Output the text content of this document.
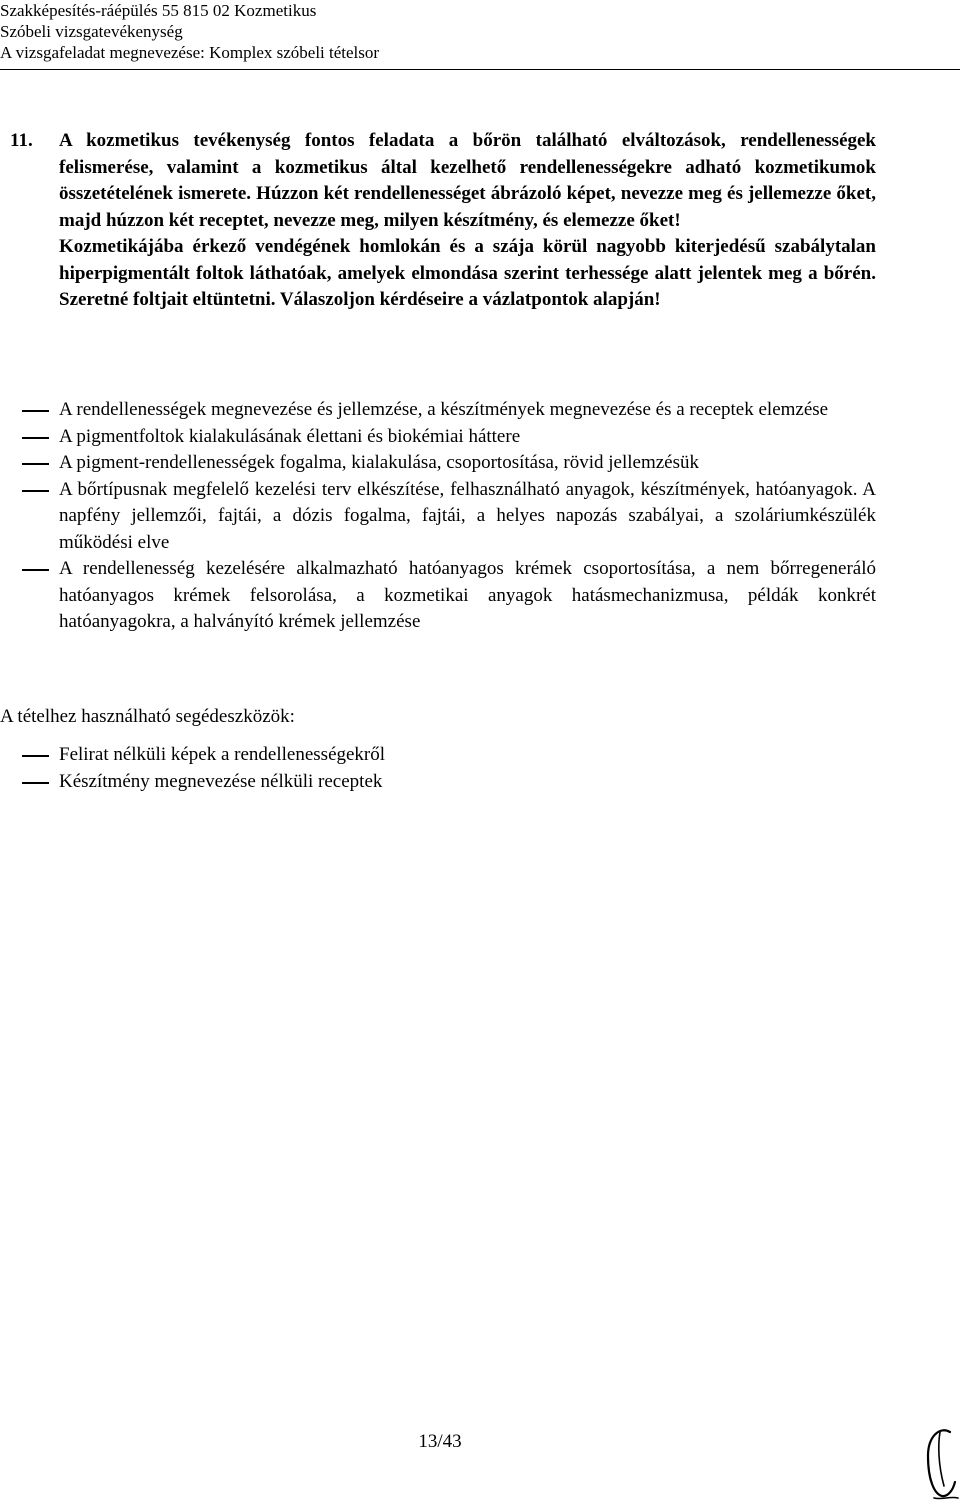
Szakképesítés-ráépülés 55 815 02 Kozmetikus
Szóbeli vizsgatevékenység
A vizsgafeladat megnevezése: Komplex szóbeli tételsor
11. A kozmetikus tevékenység fontos feladata a bőrön található elváltozások, rendellenességek felismerése, valamint a kozmetikus által kezelhető rendellenességekre adható kozmetikumok összetételének ismerete. Húzzon két rendellenességet ábrázoló képet, nevezze meg és jellemezze őket, majd húzzon két receptet, nevezze meg, milyen készítmény, és elemezze őket!

Kozmetikájába érkező vendégének homlokán és a szája körül nagyobb kiterjedésű szabálytalan hiperpigmentált foltok láthatóak, amelyek elmondása szerint terhessége alatt jelentek meg a bőrén. Szeretné foltjait eltüntetni. Válaszoljon kérdéseire a vázlatpontok alapján!

A rendellenességek megnevezése és jellemzése, a készítmények megnevezése és a receptek elemzése
A pigmentfoltok kialakulásának élettani és biokémiai háttere
A pigment-rendellenességek fogalma, kialakulása, csoportosítása, rövid jellemzésük
A bőrtípusnak megfelelő kezelési terv elkészítése, felhasználható anyagok, készítmények, hatóanyagok. A napfény jellemzői, fajtái, a dózis fogalma, fajtái, a helyes napozás szabályai, a szoláriumkészülék működési elve
A rendellenesség kezelésére alkalmazható hatóanyagos krémek csoportosítása, a nem bőrregeneráló hatóanyagos krémek felsorolása, a kozmetikai anyagok hatásmechanizmusa, példák konkrét hatóanyagokra, a halványító krémek jellemzése
A tételhez használható segédeszközök:
Felirat nélküli képek a rendellenességekről
Készítmény megnevezése nélküli receptek
13/43
